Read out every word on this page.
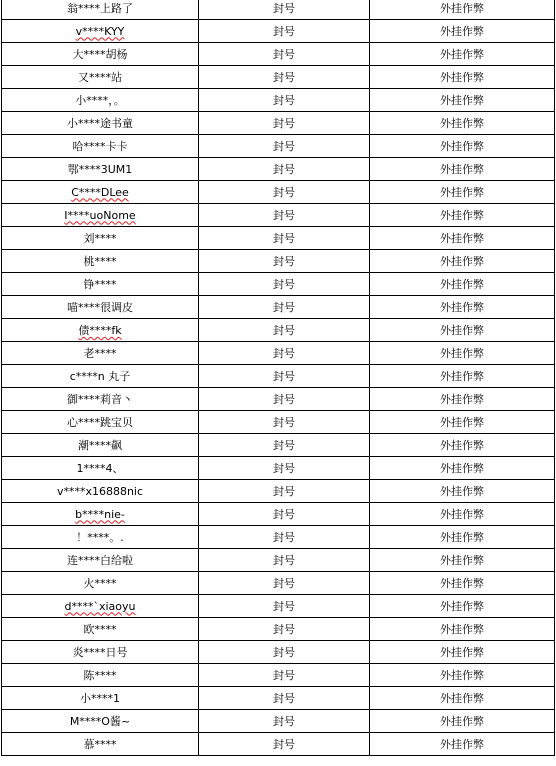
翁****上路了	封号	外挂作弊
v****KYY	封号	外挂作弊
大****胡杨	封号	外挂作弊
又****站	封号	外挂作弊
小****，。	封号	外挂作弊
小****途书童	封号	外挂作弊
哈****卡卡	封号	外挂作弊
鄂****3UM1	封号	外挂作弊
C****DLee	封号	外挂作弊
I****uoNome	封号	外挂作弊
刘****	封号	外挂作弊
桃****	封号	外挂作弊
铮****	封号	外挂作弊
喵****很调皮	封号	外挂作弊
债****fk	封号	外挂作弊
老****	封号	外挂作弊
c****n 丸子	封号	外挂作弊
御****莉音丶	封号	外挂作弊
心****跳宝贝	封号	外挂作弊
潮****飙	封号	外挂作弊
1****4、	封号	外挂作弊
v****x16888nic	封号	外挂作弊
b****nie-	封号	外挂作弊
！****。.	封号	外挂作弊
连****白给啦	封号	外挂作弊
火****	封号	外挂作弊
d****`xiaoyu	封号	外挂作弊
欧****	封号	外挂作弊
炎****日号	封号	外挂作弊
陈****	封号	外挂作弊
小****1	封号	外挂作弊
M****O酱~	封号	外挂作弊
慕****	封号	外挂作弊
